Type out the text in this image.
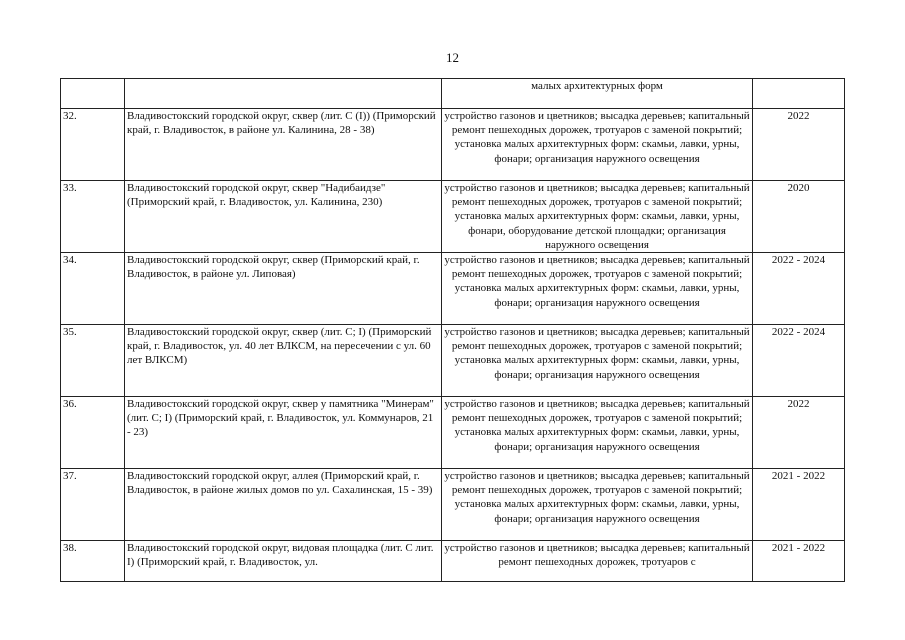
12
		малых архитектурных форм	
32.	Владивостокский городской округ, сквер (лит. С (I)) (Приморский край, г. Владивосток, в районе ул. Калинина, 28 - 38)	устройство газонов и цветников; высадка деревьев; капитальный ремонт пешеходных дорожек, тротуаров с заменой покрытий; установка малых архитектурных форм: скамьи, лавки, урны, фонари; организация наружного освещения	2022
33.	Владивостокский городской округ, сквер "Надибаидзе" (Приморский край, г. Владивосток, ул. Калинина, 230)	устройство газонов и цветников; высадка деревьев; капитальный ремонт пешеходных дорожек, тротуаров с заменой покрытий; установка малых архитектурных форм: скамьи, лавки, урны, фонари, оборудование детской площадки; организация наружного освещения	2020
34.	Владивостокский городской округ, сквер (Приморский край, г. Владивосток, в районе ул. Липовая)	устройство газонов и цветников; высадка деревьев; капитальный ремонт пешеходных дорожек, тротуаров с заменой покрытий; установка малых архитектурных форм: скамьи, лавки, урны, фонари; организация наружного освещения	2022 - 2024
35.	Владивостокский городской округ, сквер (лит. С; I) (Приморский край, г. Владивосток, ул. 40 лет ВЛКСМ, на пересечении с ул. 60 лет ВЛКСМ)	устройство газонов и цветников; высадка деревьев; капитальный ремонт пешеходных дорожек, тротуаров с заменой покрытий; установка малых архитектурных форм: скамьи, лавки, урны, фонари; организация наружного освещения	2022 - 2024
36.	Владивостокский городской округ, сквер у памятника "Минерам" (лит. С; I) (Приморский край, г. Владивосток, ул. Коммунаров, 21 - 23)	устройство газонов и цветников; высадка деревьев; капитальный ремонт пешеходных дорожек, тротуаров с заменой покрытий; установка малых архитектурных форм: скамьи, лавки, урны, фонари; организация наружного освещения	2022
37.	Владивостокский городской округ, аллея (Приморский край, г. Владивосток, в районе жилых домов по ул. Сахалинская, 15 - 39)	устройство газонов и цветников; высадка деревьев; капитальный ремонт пешеходных дорожек, тротуаров с заменой покрытий; установка малых архитектурных форм: скамьи, лавки, урны, фонари; организация наружного освещения	2021 - 2022
38.	Владивостокский городской округ, видовая площадка (лит. С лит. I) (Приморский край, г. Владивосток, ул.	устройство газонов и цветников; высадка деревьев; капитальный ремонт пешеходных дорожек, тротуаров с	2021 - 2022
